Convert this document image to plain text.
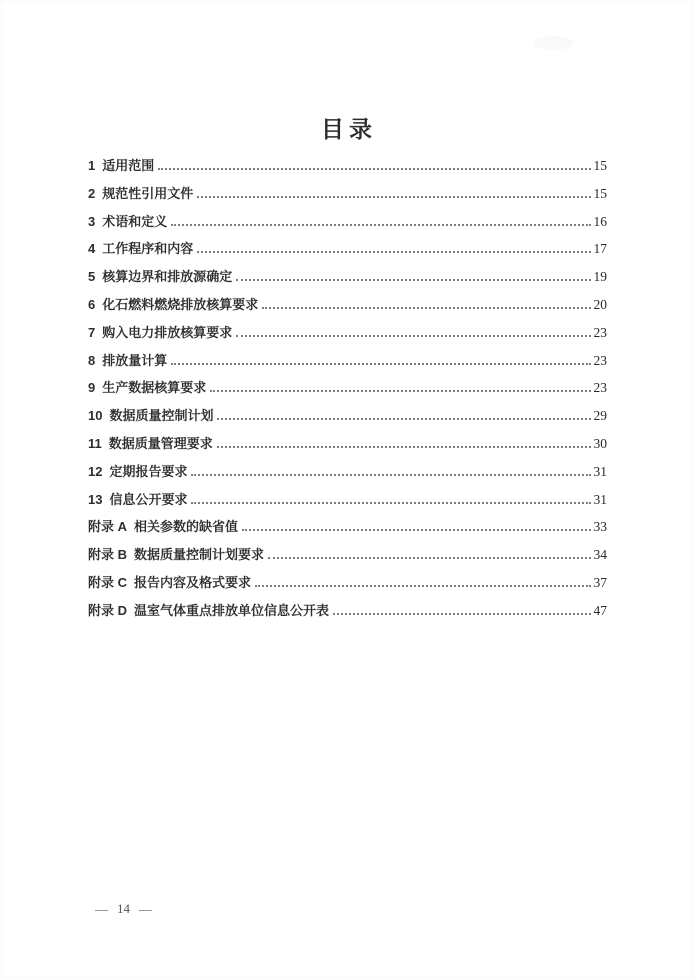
目录
1 适用范围	15
2 规范性引用文件	15
3 术语和定义	16
4 工作程序和内容	17
5 核算边界和排放源确定	19
6 化石燃料燃烧排放核算要求	20
7 购入电力排放核算要求	23
8 排放量计算	23
9 生产数据核算要求	23
10 数据质量控制计划	29
11 数据质量管理要求	30
12 定期报告要求	31
13 信息公开要求	31
附录 A 相关参数的缺省值	33
附录 B 数据质量控制计划要求	34
附录 C 报告内容及格式要求	37
附录 D 温室气体重点排放单位信息公开表	47
— 14 —
